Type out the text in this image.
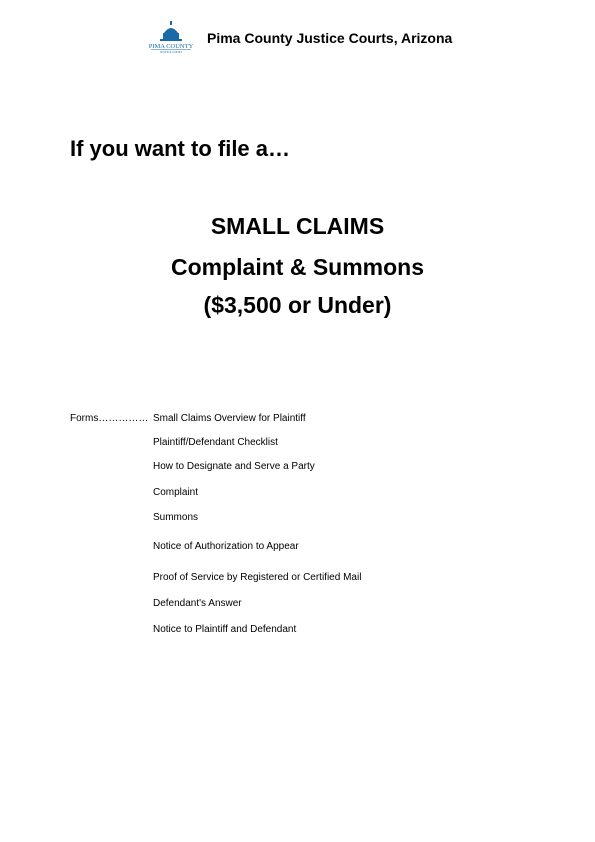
PIMA COUNTY
JUSTICE COURT
Pima County Justice Courts, Arizona
If you want to file a…
SMALL CLAIMS
Complaint & Summons
($3,500 or Under)
Forms…………… Small Claims Overview for Plaintiff
Plaintiff/Defendant Checklist
How to Designate and Serve a Party
Complaint
Summons
Notice of Authorization to Appear
Proof of Service by Registered or Certified Mail
Defendant's Answer
Notice to Plaintiff and Defendant
